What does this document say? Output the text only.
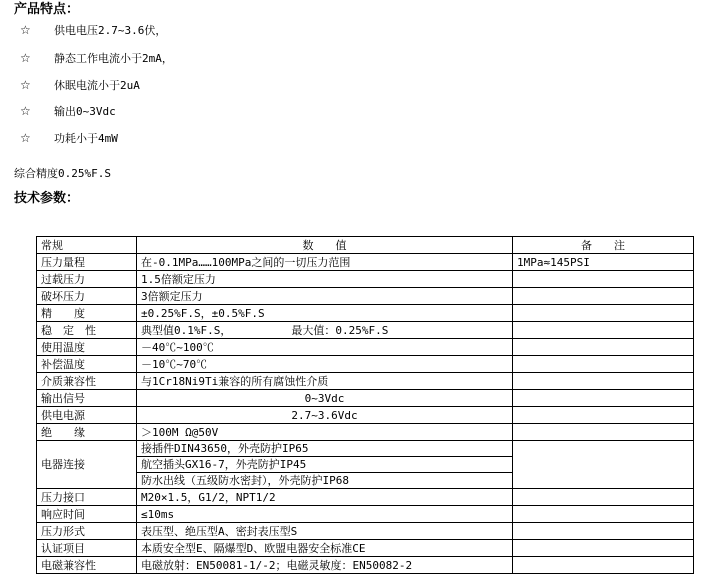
产品特点：
☆ 供电电压2.7~3.6伏，
☆ 静态工作电流小于2mA，
☆ 休眠电流小于2uA
☆ 输出0~3Vdc
☆ 功耗小于4mW
综合精度0.25%F.S
技术参数：
常规	数　　值	备　　注
压力量程	在-0.1MPa……100MPa之间的一切压力范围	1MPa≈145PSI
过载压力	1.5倍额定压力	
破坏压力	3倍额定压力	
精　　度	±0.25%F.S，±0.5%F.S	
稳　定　性	典型值0.1%F.S， 最大值：0.25%F.S	
使用温度	－40℃~100℃	
补偿温度	－10℃~70℃	
介质兼容性	与1Cr18Ni9Ti兼容的所有腐蚀性介质	
输出信号	0~3Vdc	
供电电源	2.7~3.6Vdc	
绝　　缘	＞100M Ω@50V	
电器连接	接插件DIN43650，外壳防护IP65
航空插头GX16-7，外壳防护IP45
防水出线（五级防水密封），外壳防护IP68	

压力接口	M20×1.5，G1/2，NPT1/2	
响应时间	≤10ms	
压力形式	表压型、绝压型A、密封表压型S	
认证项目	本质安全型E、隔爆型D、欧盟电器安全标准CE	
电磁兼容性	电磁放射：EN50081-1/-2；电磁灵敏度：EN50082-2	
